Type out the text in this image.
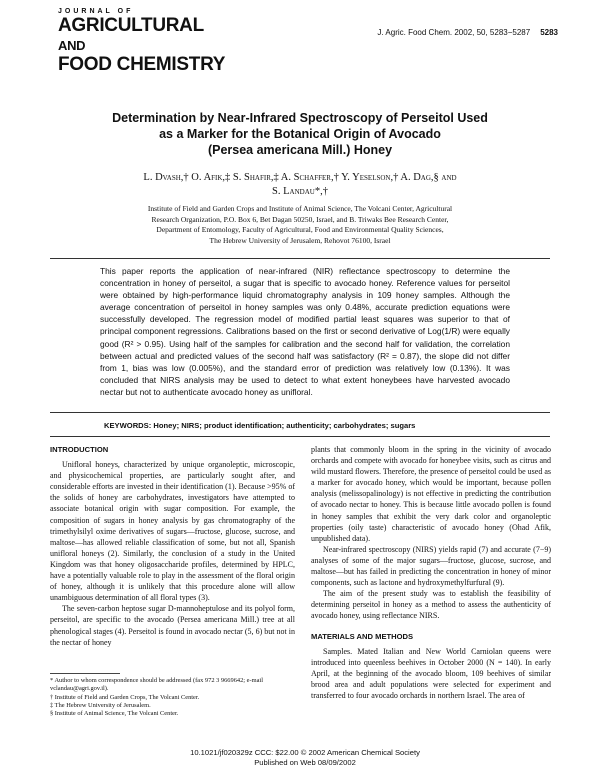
JOURNAL OF
AGRICULTURAL AND
FOOD CHEMISTRY
J. Agric. Food Chem. 2002, 50, 5283−5287 5283
Determination by Near-Infrared Spectroscopy of Perseitol Used
as a Marker for the Botanical Origin of Avocado
(Persea americana Mill.) Honey
L. Dvash,† O. Afik,‡ S. Shafir,‡ A. Schaffer,† Y. Yeselson,† A. Dag,§ and
S. Landau*,†
Institute of Field and Garden Crops and Institute of Animal Science, The Volcani Center, Agricultural
Research Organization, P.O. Box 6, Bet Dagan 50250, Israel, and B. Triwaks Bee Research Center,
Department of Entomology, Faculty of Agricultural, Food and Environmental Quality Sciences,
The Hebrew University of Jerusalem, Rehovot 76100, Israel
This paper reports the application of near-infrared (NIR) reflectance spectroscopy to determine the concentration in honey of perseitol, a sugar that is specific to avocado honey. Reference values for perseitol were obtained by high-performance liquid chromatography analysis in 109 honey samples. Although the average concentration of perseitol in honey samples was only 0.48%, accurate prediction equations were successfully developed. The regression model of modified partial least squares was superior to that of principal component regressions. Calibrations based on the first or second derivative of Log(1/R) were equally good (R² > 0.95). Using half of the samples for calibration and the second half for validation, the correlation between actual and predicted values of the second half was satisfactory (R² = 0.87), the slope did not differ from 1, bias was low (0.005%), and the standard error of prediction was relatively low (0.13%). It was concluded that NIRS analysis may be used to detect to what extent honeybees have harvested avocado nectar but not to authenticate avocado honey as unifloral.
KEYWORDS: Honey; NIRS; product identification; authenticity; carbohydrates; sugars
INTRODUCTION

Unifloral honeys, characterized by unique organoleptic, microscopic, and physicochemical properties, are particularly sought after, and considerable efforts are invested in their identification (1). Because >95% of the solids of honey are carbohydrates, investigators have attempted to associate botanical origin with sugar composition. For example, the composition of sugars in honey analysis by gas chromatography of the trimethylsilyl oxime derivatives of sugars—fructose, glucose, sucrose, and maltose—has allowed reliable classification of some, but not all, Spanish unifloral honeys (2). Similarly, the conclusion of a study in the United Kingdom was that honey oligosaccharide profiles, determined by HPLC, have a potentially valuable role to play in the assessment of the floral origin of honey, although it is unlikely that this procedure alone will allow unambiguous determination of all floral types (3).

The seven-carbon heptose sugar D-mannoheptulose and its polyol form, perseitol, are specific to the avocado (Persea americana Mill.) tree at all phenological stages (4). Perseitol is found in avocado nectar (5, 6) but not in the nectar of honey

* Author to whom correspondence should be addressed (fax 972 3 9669642; e-mail vclandau@agri.gov.il).
† Institute of Field and Garden Crops, The Volcani Center.
‡ The Hebrew University of Jerusalem.
§ Institute of Animal Science, The Volcani Center.

plants that commonly bloom in the spring in the vicinity of avocado orchards and compete with avocado for honeybee visits, such as citrus and wild mustard flowers. Therefore, the presence of perseitol could be used as a marker for avocado honey, which would be important, because pollen analysis (melissopalinology) is not effective in predicting the contribution of avocado nectar to honey. This is because little avocado pollen is found in honey samples that exhibit the very dark color and organoleptic properties (oily taste) characteristic of avocado honey (Ohad Afik, unpublished data).

Near-infrared spectroscopy (NIRS) yields rapid (7) and accurate (7−9) analyses of some of the major sugars—fructose, glucose, sucrose, and maltose—but has failed in predicting the concentration in honey of minor components, such as lactone and hydroxymethylfurfural (9).

The aim of the present study was to establish the feasibility of determining perseitol in honey as a method to assess the authenticity of avocado honey, using reflectance NIRS.

MATERIALS AND METHODS

Samples. Mated Italian and New World Carniolan queens were introduced into queenless beehives in October 2000 (N = 140). In early April, at the beginning of the avocado bloom, 109 beehives of similar brood area and adult populations were selected for experiment and transferred to four avocado orchards in northern Israel. The area of

10.1021/jf020329z CCC: $22.00 © 2002 American Chemical Society
Published on Web 08/09/2002
